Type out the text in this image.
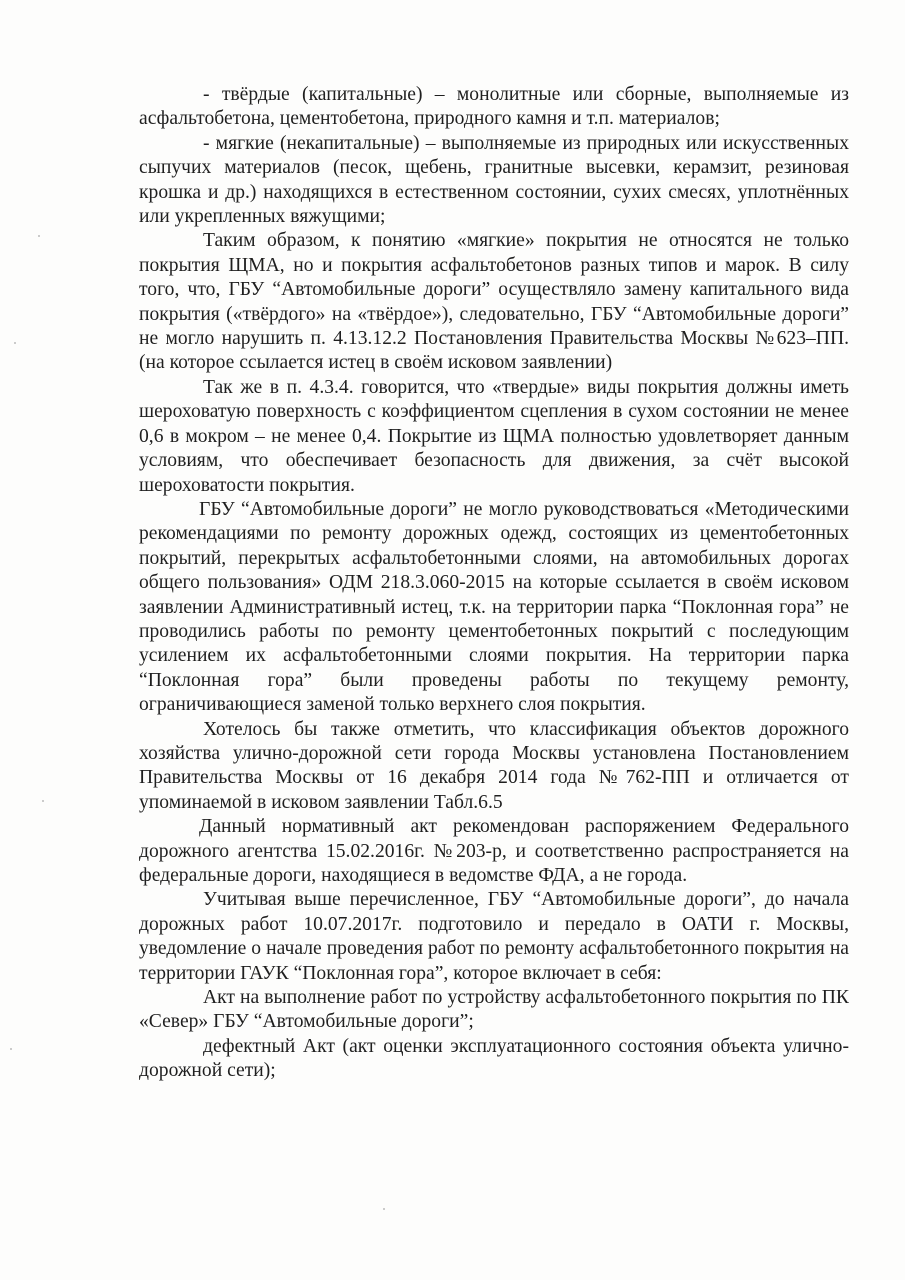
- твёрдые (капитальные) – монолитные или сборные, выполняемые из асфальтобетона, цементобетона, природного камня и т.п. материалов;

- мягкие (некапитальные) – выполняемые из природных или искусственных сыпучих материалов (песок, щебень, гранитные высевки, керамзит, резиновая крошка и др.) находящихся в естественном состоянии, сухих смесях, уплотнённых или укрепленных вяжущими;

Таким образом, к понятию «мягкие» покрытия не относятся не только покрытия ЩМА, но и покрытия асфальтобетонов разных типов и марок. В силу того, что, ГБУ “Автомобильные дороги” осуществляло замену капитального вида покрытия («твёрдого» на «твёрдое»), следовательно, ГБУ “Автомобильные дороги” не могло нарушить п. 4.13.12.2 Постановления Правительства Москвы №623–ПП. (на которое ссылается истец в своём исковом заявлении)

Так же в п. 4.3.4. говорится, что «твердые» виды покрытия должны иметь шероховатую поверхность с коэффициентом сцепления в сухом состоянии не менее 0,6 в мокром – не менее 0,4. Покрытие из ЩМА полностью удовлетворяет данным условиям, что обеспечивает безопасность для движения, за счёт высокой шероховатости покрытия.

ГБУ “Автомобильные дороги” не могло руководствоваться «Методическими рекомендациями по ремонту дорожных одежд, состоящих из цементобетонных покрытий, перекрытых асфальтобетонными слоями, на автомобильных дорогах общего пользования» ОДМ 218.3.060-2015 на которые ссылается в своём исковом заявлении Административный истец, т.к. на территории парка “Поклонная гора” не проводились работы по ремонту цементобетонных покрытий с последующим усилением их асфальтобетонными слоями покрытия. На территории парка “Поклонная гора” были проведены работы по текущему ремонту, ограничивающиеся заменой только верхнего слоя покрытия.

Хотелось бы также отметить, что классификация объектов дорожного хозяйства улично-дорожной сети города Москвы установлена Постановлением Правительства Москвы от 16 декабря 2014 года №762-ПП и отличается от упоминаемой в исковом заявлении Табл.6.5

Данный нормативный акт рекомендован распоряжением Федерального дорожного агентства 15.02.2016г. №203-р, и соответственно распространяется на федеральные дороги, находящиеся в ведомстве ФДА, а не города.

Учитывая выше перечисленное, ГБУ “Автомобильные дороги”, до начала дорожных работ 10.07.2017г. подготовило и передало в ОАТИ г. Москвы, уведомление о начале проведения работ по ремонту асфальтобетонного покрытия на территории ГАУК “Поклонная гора”, которое включает в себя:

Акт на выполнение работ по устройству асфальтобетонного покрытия по ПК «Север» ГБУ “Автомобильные дороги”;

дефектный Акт (акт оценки эксплуатационного состояния объекта улично-дорожной сети);
